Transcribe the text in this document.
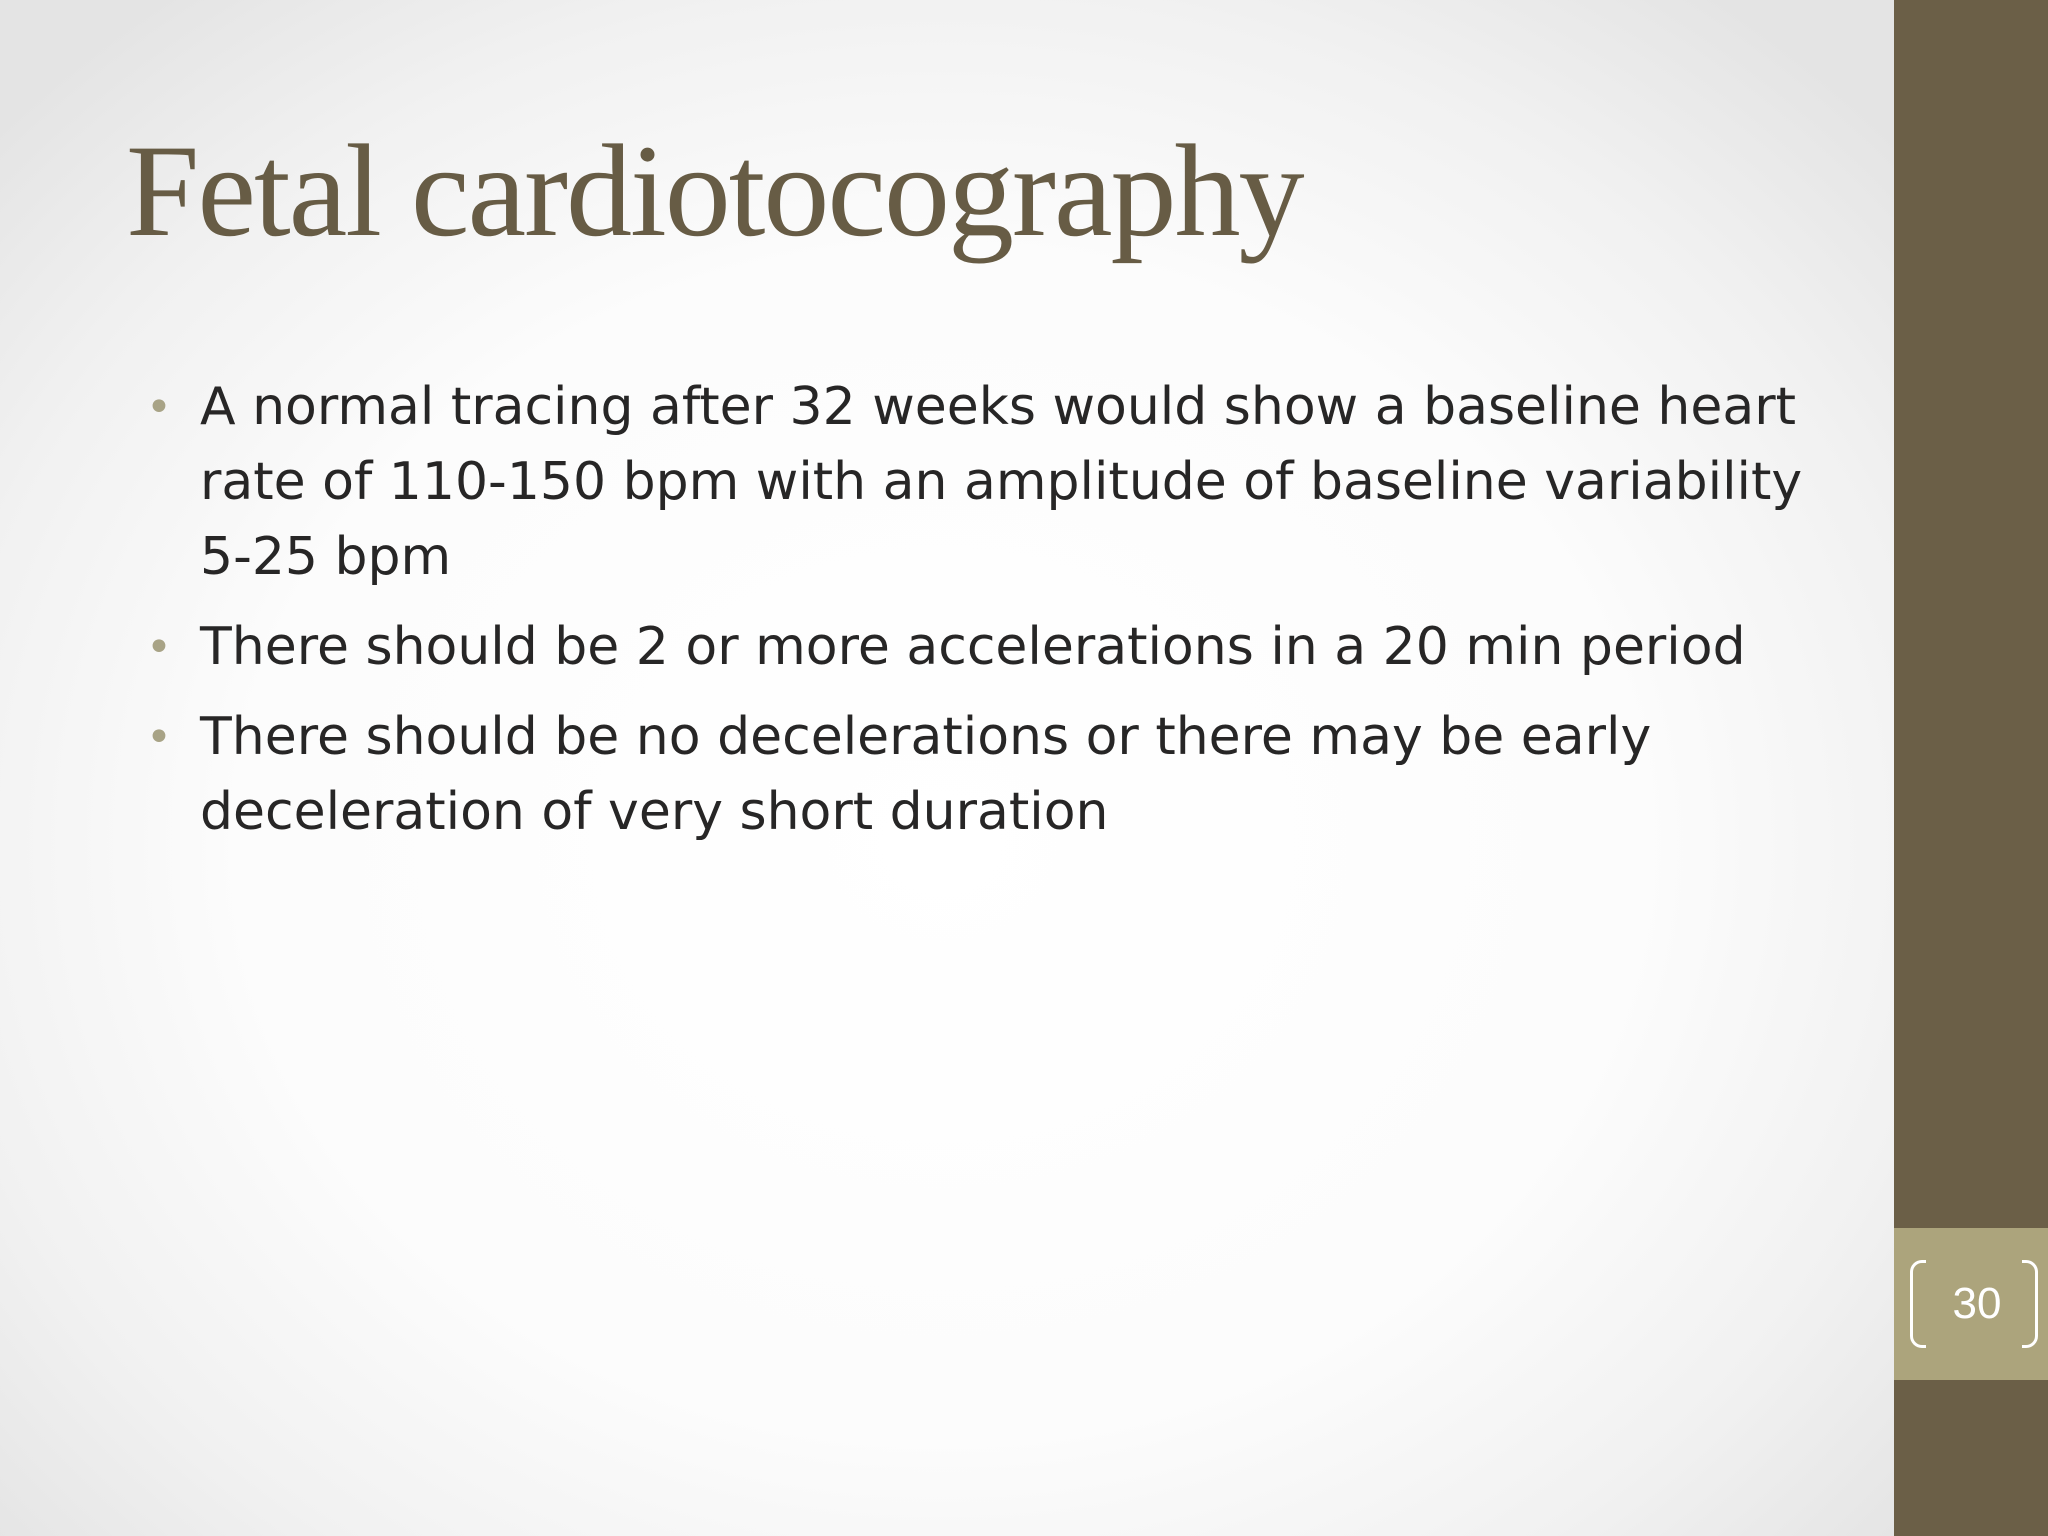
Fetal cardiotocography
• A normal tracing after 32 weeks would show a baseline heart rate of 110-150 bpm with an amplitude of baseline variability 5-25 bpm
• There should be 2 or more accelerations in a 20 min period
• There should be no decelerations or there may be early deceleration of very short duration
30
